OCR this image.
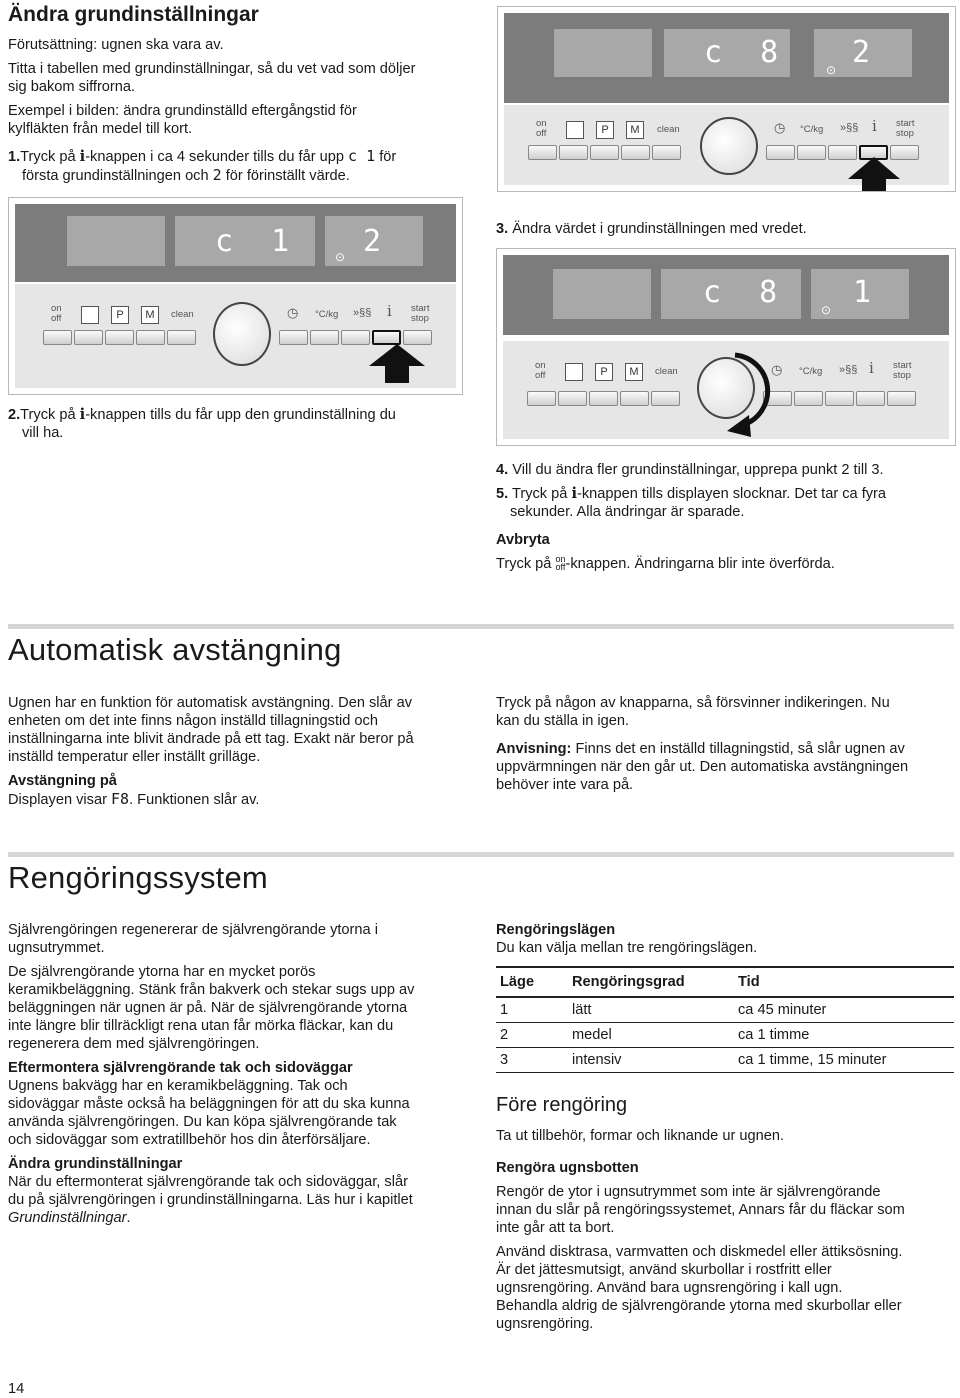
Ändra grundinställningar

Förutsättning: ugnen ska vara av.

Titta i tabellen med grundinställningar, så du vet vad som döljer

sig bakom siffrorna.

Exempel i bilden: ändra grundinställd eftergångstid för

kylfläkten från medel till kort.

1.Tryck på i-knappen i ca 4 sekunder tills du får upp c 1 för

första grundinställningen och 2 för förinställt värde.

c 8 2
⊙
on
off	P	M	clean	◷ °C/kg »§§ i start
stop
c 1 2
⊙
on
off	P	M	clean	◷ °C/kg »§§ i start
stop

2.Tryck på i-knappen tills du får upp den grundinställning du

vill ha.

3. Ändra värdet i grundinställningen med vredet.
c 8 1
⊙
on
off	P	M	clean	◷ °C/kg »§§ i start
stop

4. Vill du ändra fler grundinställningar, upprepa punkt 2 till 3.

5. Tryck på i-knappen tills displayen slocknar. Det tar ca fyra

sekunder. Alla ändringar är sparade.

Avbryta

Tryck på on
off-knappen. Ändringarna blir inte överförda.

Automatisk avstängning

Ugnen har en funktion för automatisk avstängning. Den slår av

enheten om det inte finns någon inställd tillagningstid och

inställningarna inte blivit ändrade på ett tag. Exakt när beror på

inställd temperatur eller inställt grilläge.

Avstängning på

Displayen visar F8. Funktionen slår av.

Tryck på någon av knapparna, så försvinner indikeringen. Nu

kan du ställa in igen.

Anvisning: Finns det en inställd tillagningstid, så slår ugnen av

uppvärmningen när den går ut. Den automatiska avstängningen

behöver inte vara på.

Rengöringssystem

Självrengöringen regenererar de självrengörande ytorna i

ugnsutrymmet.

De självrengörande ytorna har en mycket porös

keramikbeläggning. Stänk från bakverk och stekar sugs upp av

beläggningen när ugnen är på. När de självrengörande ytorna

inte längre blir tillräckligt rena utan får mörka fläckar, kan du

regenerera dem med självrengöringen.

Eftermontera självrengörande tak och sidoväggar

Ugnens bakvägg har en keramikbeläggning. Tak och

sidoväggar måste också ha beläggningen för att du ska kunna

använda självrengöringen. Du kan köpa självrengörande tak

och sidoväggar som extratillbehör hos din återförsäljare.

Ändra grundinställningar

När du eftermonterat självrengörande tak och sidoväggar, slår

du på självrengöringen i grundinställningarna. Läs hur i kapitlet

Grundinställningar.

Rengöringslägen

Du kan välja mellan tre rengöringslägen.

Läge	Rengöringsgrad	Tid
1	lätt	ca 45 minuter
2	medel	ca 1 timme
3	intensiv	ca 1 timme, 15 minuter
Före rengöring

Ta ut tillbehör, formar och liknande ur ugnen.

Rengöra ugnsbotten

Rengör de ytor i ugnsutrymmet som inte är självrengörande

innan du slår på rengöringssystemet, Annars får du fläckar som

inte går att ta bort.

Använd disktrasa, varmvatten och diskmedel eller ättiksösning.

Är det jättesmutsigt, använd skurbollar i rostfritt eller

ugnsrengöring. Använd bara ugnsrengöring i kall ugn.

Behandla aldrig de självrengörande ytorna med skurbollar eller

ugnsrengöring.

14
